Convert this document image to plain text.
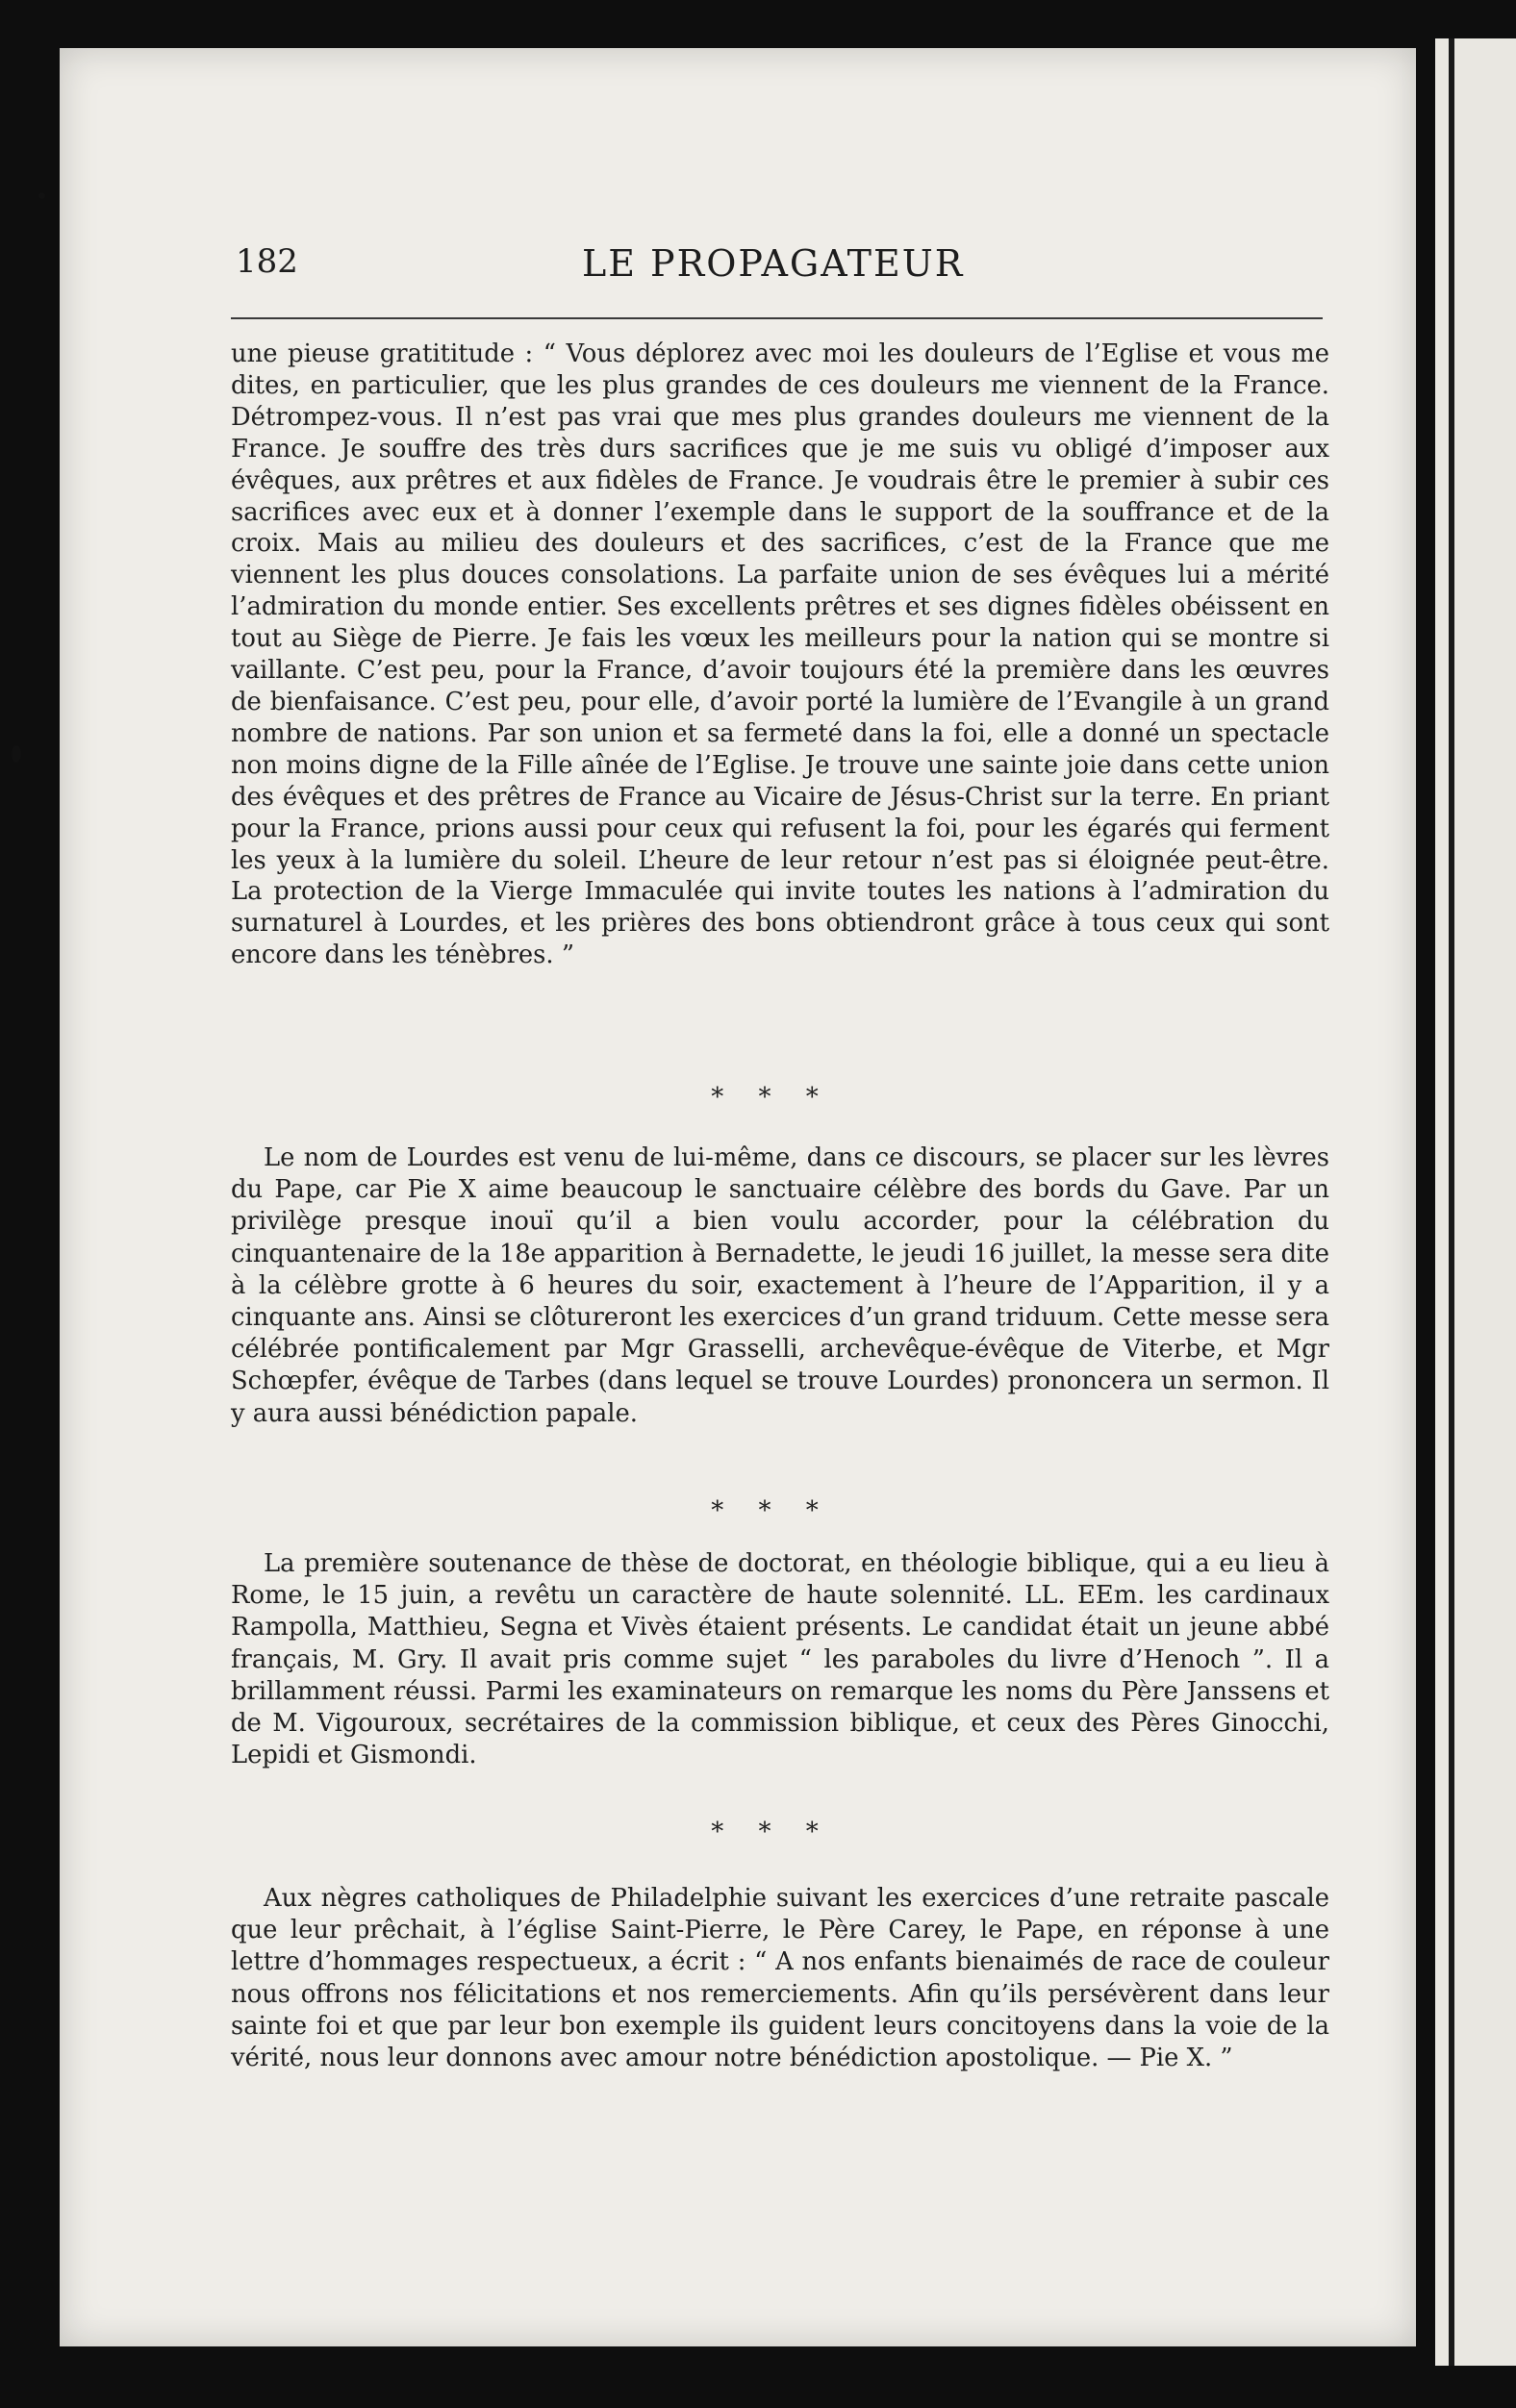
182	LE PROPAGATEUR

une pieuse gratititude : “ Vous déplorez avec moi les douleurs de l’Eglise et vous me dites, en particulier, que les plus grandes de ces douleurs me viennent de la France. Détrompez-vous. Il n’est pas vrai que mes plus grandes douleurs me viennent de la France. Je souffre des très durs sacrifices que je me suis vu obligé d’imposer aux évêques, aux prêtres et aux fidèles de France. Je voudrais être le premier à subir ces sacrifices avec eux et à donner l’exemple dans le support de la souffrance et de la croix. Mais au milieu des douleurs et des sacrifices, c’est de la France que me viennent les plus douces consolations. La parfaite union de ses évêques lui a mérité l’admiration du monde entier. Ses excellents prêtres et ses dignes fidèles obéissent en tout au Siège de Pierre. Je fais les vœux les meilleurs pour la nation qui se montre si vaillante. C’est peu, pour la France, d’avoir toujours été la première dans les œuvres de bienfaisance. C’est peu, pour elle, d’avoir porté la lumière de l’Evangile à un grand nombre de nations. Par son union et sa fermeté dans la foi, elle a donné un spectacle non moins digne de la Fille aînée de l’Eglise. Je trouve une sainte joie dans cette union des évêques et des prêtres de France au Vicaire de Jésus-Christ sur la terre. En priant pour la France, prions aussi pour ceux qui refusent la foi, pour les égarés qui ferment les yeux à la lumière du soleil. L’heure de leur retour n’est pas si éloignée peut-être. La protection de la Vierge Immaculée qui invite toutes les nations à l’admiration du surnaturel à Lourdes, et les prières des bons obtiendront grâce à tous ceux qui sont encore dans les ténèbres. ”

* * *

Le nom de Lourdes est venu de lui-même, dans ce discours, se placer sur les lèvres du Pape, car Pie X aime beaucoup le sanctuaire célèbre des bords du Gave. Par un privilège presque inouï qu’il a bien voulu accorder, pour la célébration du cinquantenaire de la 18e apparition à Bernadette, le jeudi 16 juillet, la messe sera dite à la célèbre grotte à 6 heures du soir, exactement à l’heure de l’Apparition, il y a cinquante ans. Ainsi se clôtureront les exercices d’un grand triduum. Cette messe sera célébrée pontificalement par Mgr Grasselli, archevêque-évêque de Viterbe, et Mgr Schœpfer, évêque de Tarbes (dans lequel se trouve Lourdes) prononcera un sermon. Il y aura aussi bénédiction papale.

* * *

La première soutenance de thèse de doctorat, en théologie biblique, qui a eu lieu à Rome, le 15 juin, a revêtu un caractère de haute solennité. LL. EEm. les cardinaux Rampolla, Matthieu, Segna et Vivès étaient présents. Le candidat était un jeune abbé français, M. Gry. Il avait pris comme sujet “ les paraboles du livre d’Henoch ”. Il a brillamment réussi. Parmi les examinateurs on remarque les noms du Père Janssens et de M. Vigouroux, secrétaires de la commission biblique, et ceux des Pères Ginocchi, Lepidi et Gismondi.

* * *

Aux nègres catholiques de Philadelphie suivant les exercices d’une retraite pascale que leur prêchait, à l’église Saint-Pierre, le Père Carey, le Pape, en réponse à une lettre d’hommages respectueux, a écrit : “ A nos enfants bienaimés de race de couleur nous offrons nos félicitations et nos remerciements. Afin qu’ils persévèrent dans leur sainte foi et que par leur bon exemple ils guident leurs concitoyens dans la voie de la vérité, nous leur donnons avec amour notre bénédiction apostolique. — Pie X. ”
